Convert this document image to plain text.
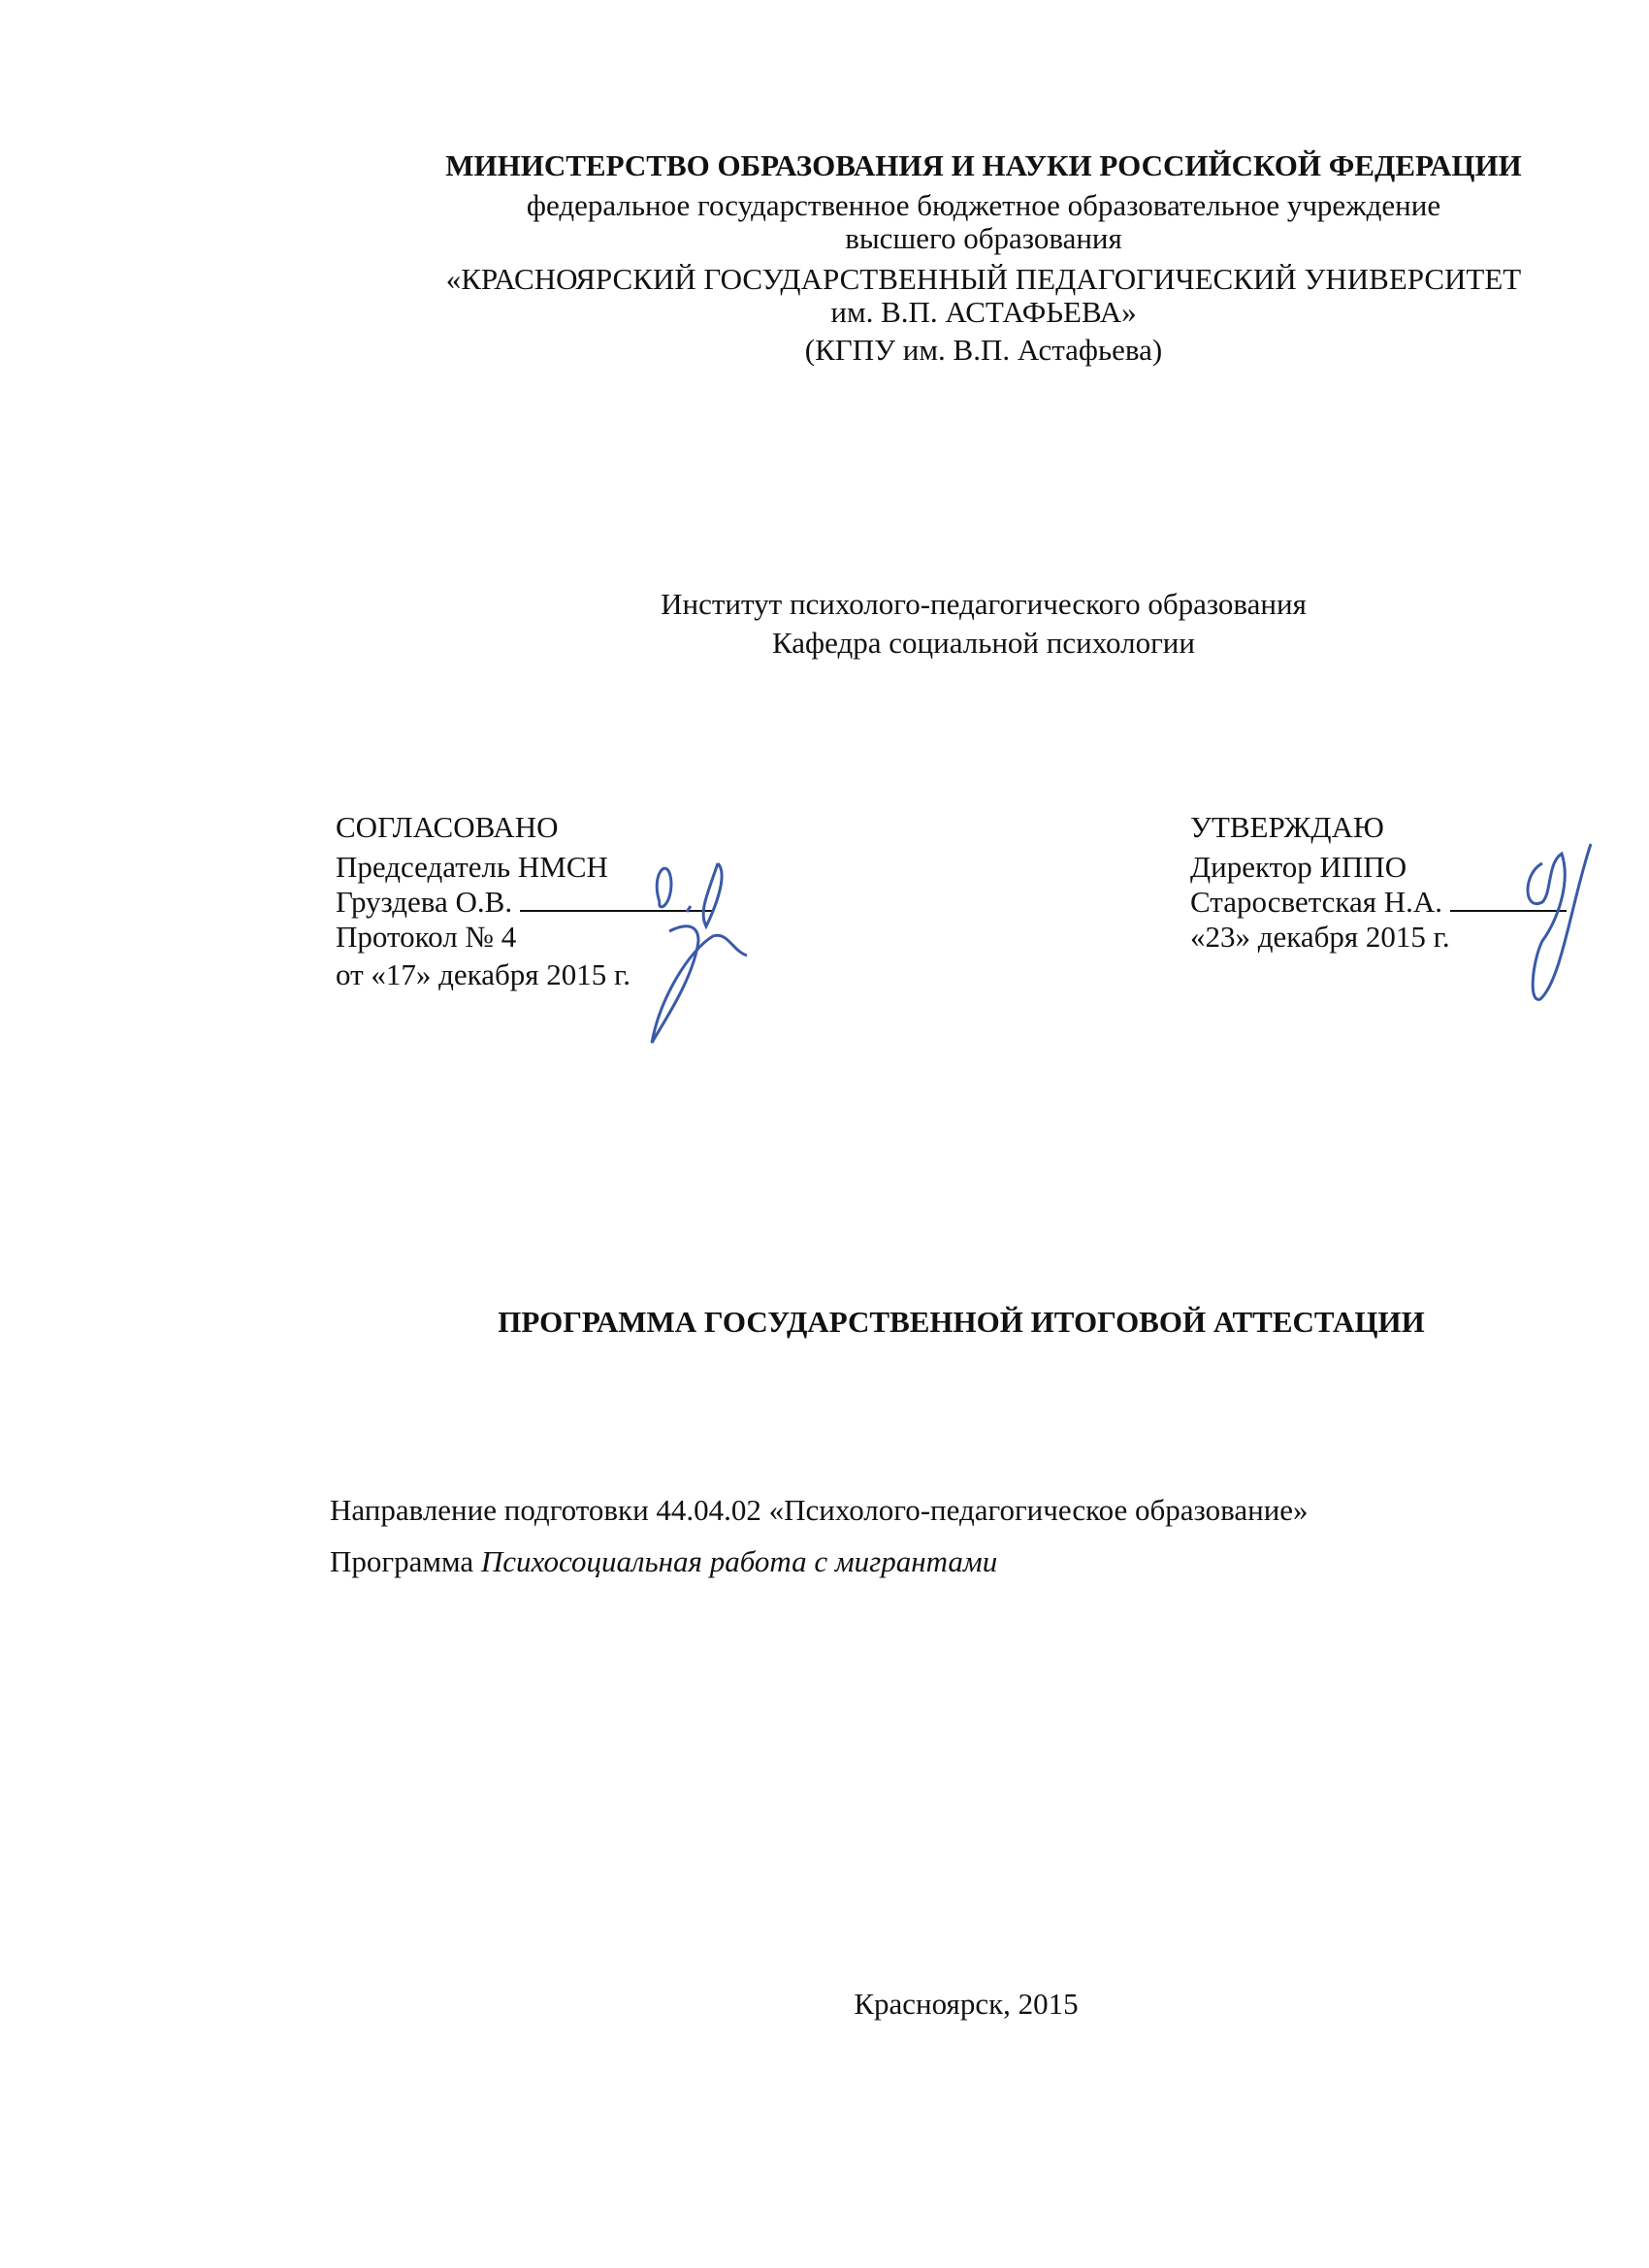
МИНИСТЕРСТВО ОБРАЗОВАНИЯ И НАУКИ РОССИЙСКОЙ ФЕДЕРАЦИИ
федеральное государственное бюджетное образовательное учреждение
высшего образования
«КРАСНОЯРСКИЙ ГОСУДАРСТВЕННЫЙ ПЕДАГОГИЧЕСКИЙ УНИВЕРСИТЕТ
им. В.П. АСТАФЬЕВА»
(КГПУ им. В.П. Астафьева)
Институт психолого-педагогического образования
Кафедра социальной психологии
СОГЛАСОВАНО
Председатель НМСН
Груздева О.В.
Протокол № 4
от «17» декабря 2015 г.
УТВЕРЖДАЮ
Директор ИППО
Старосветская Н.А.
«23» декабря 2015 г.
ПРОГРАММА ГОСУДАРСТВЕННОЙ ИТОГОВОЙ АТТЕСТАЦИИ
Направление подготовки 44.04.02 «Психолого-педагогическое образование»
Программа Психосоциальная работа с мигрантами
Красноярск, 2015
